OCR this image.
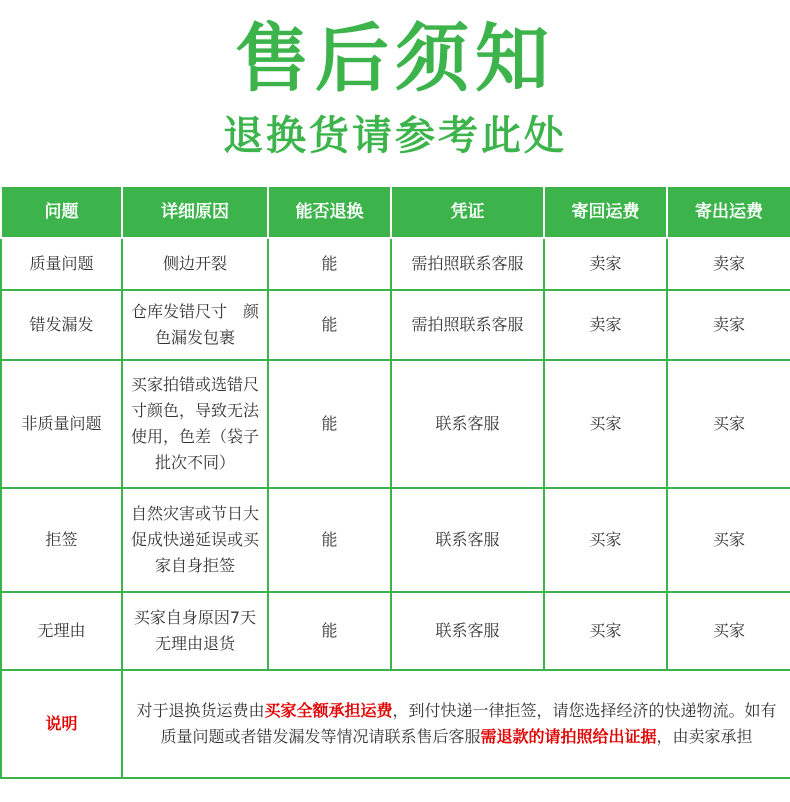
售后须知
退换货请参考此处
问题	详细原因	能否退换	凭证	寄回运费	寄出运费
质量问题	侧边开裂	能	需拍照联系客服	卖家	卖家
错发漏发	仓库发错尺寸　颜色漏发包裹	能	需拍照联系客服	卖家	卖家
非质量问题	买家拍错或选错尺寸颜色，导致无法使用，色差（袋子批次不同）	能	联系客服	买家	买家
拒签	自然灾害或节日大促成快递延误或买家自身拒签	能	联系客服	买家	买家
无理由	买家自身原因7天无理由退货	能	联系客服	买家	买家
说明	对于退换货运费由买家全额承担运费，到付快递一律拒签，请您选择经济的快递物流。如有质量问题或者错发漏发等情况请联系售后客服需退款的请拍照给出证据，由卖家承担				
